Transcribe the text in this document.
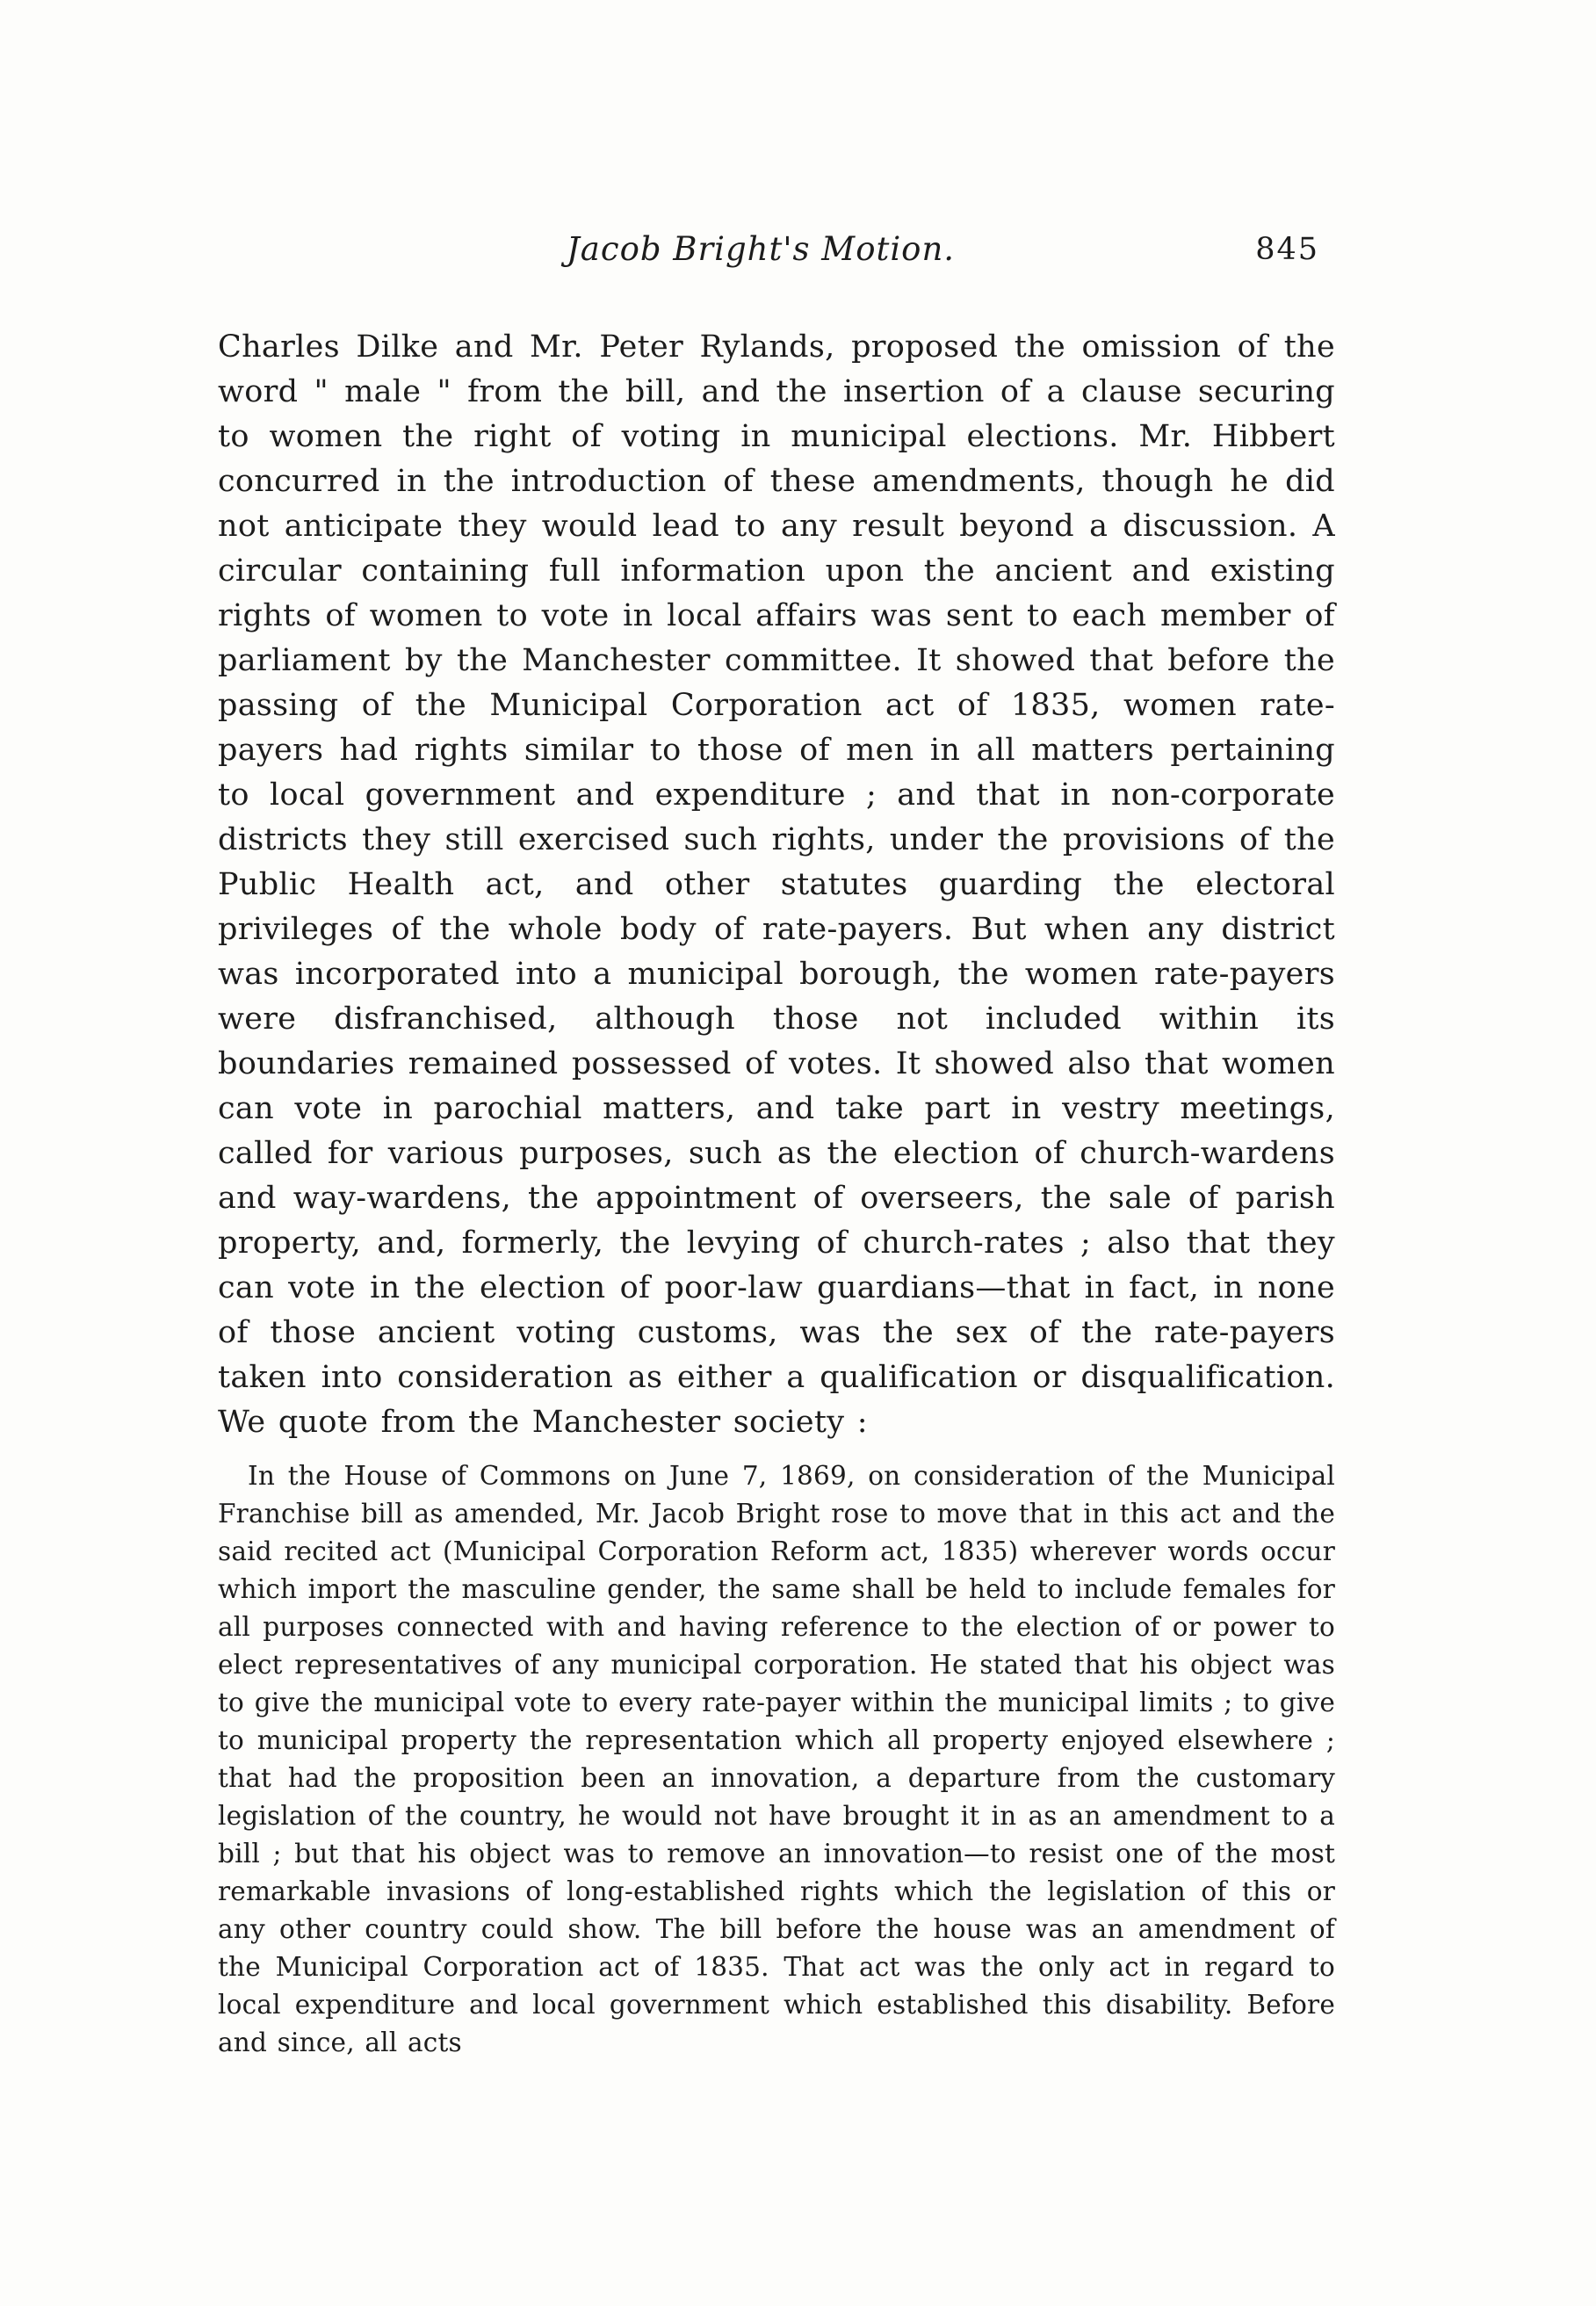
Jacob Bright's Motion.	845

Charles Dilke and Mr. Peter Rylands, proposed the omission of the word " male " from the bill, and the insertion of a clause securing to women the right of voting in municipal elections. Mr. Hibbert concurred in the introduction of these amendments, though he did not anticipate they would lead to any result beyond a discussion. A circular containing full information upon the ancient and existing rights of women to vote in local affairs was sent to each member of parliament by the Manchester committee. It showed that before the passing of the Municipal Corporation act of 1835, women rate-payers had rights similar to those of men in all matters pertaining to local government and expenditure ; and that in non-corporate districts they still exercised such rights, under the provisions of the Public Health act, and other statutes guarding the electoral privileges of the whole body of rate-payers. But when any district was incorporated into a municipal borough, the women rate-payers were disfranchised, although those not included within its boundaries remained possessed of votes. It showed also that women can vote in parochial matters, and take part in vestry meetings, called for various purposes, such as the election of church-wardens and way-wardens, the appointment of overseers, the sale of parish property, and, formerly, the levying of church-rates ; also that they can vote in the election of poor-law guardians—that in fact, in none of those ancient voting customs, was the sex of the rate-payers taken into consideration as either a qualification or disqualification. We quote from the Manchester society :

In the House of Commons on June 7, 1869, on consideration of the Municipal Franchise bill as amended, Mr. Jacob Bright rose to move that in this act and the said recited act (Municipal Corporation Reform act, 1835) wherever words occur which import the masculine gender, the same shall be held to include females for all purposes connected with and having reference to the election of or power to elect representatives of any municipal corporation. He stated that his object was to give the municipal vote to every rate-payer within the municipal limits ; to give to municipal property the representation which all property enjoyed elsewhere ; that had the proposition been an innovation, a departure from the customary legislation of the country, he would not have brought it in as an amendment to a bill ; but that his object was to remove an innovation—to resist one of the most remarkable invasions of long-established rights which the legislation of this or any other country could show. The bill before the house was an amendment of the Municipal Corporation act of 1835. That act was the only act in regard to local expenditure and local government which established this disability. Before and since, all acts
